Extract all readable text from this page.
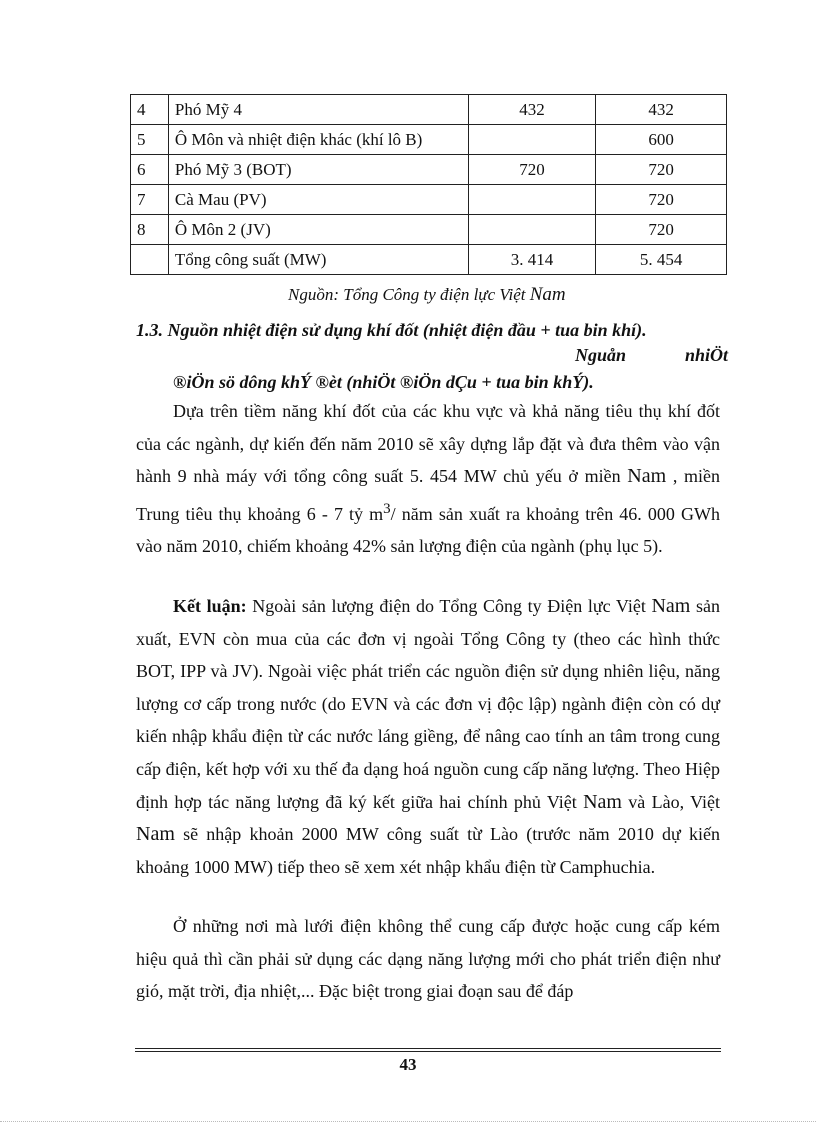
4	Phó Mỹ 4	432	432
5	Ô Môn và nhiệt điện khác (khí lô B)		600
6	Phó Mỹ 3 (BOT)	720	720
7	Cà Mau (PV)		720
8	Ô Môn 2 (JV)		720
	Tổng công suất (MW)	3. 414	5. 454
Nguồn: Tổng Công ty điện lực Việt Nam
1.3. Nguồn nhiệt điện sử dụng khí đốt (nhiệt điện đầu + tua bin khí).
Nguån	nhiÖt
®iÖn sö dông khÝ ®èt (nhiÖt ®iÖn dÇu + tua bin khÝ).

Dựa trên tiềm năng khí đốt của các khu vực và khả năng tiêu thụ khí đốt của các ngành, dự kiến đến năm 2010 sẽ xây dựng lắp đặt và đưa thêm vào vận hành 9 nhà máy với tổng công suất 5. 454 MW chủ yếu ở miền Nam , miền Trung tiêu thụ khoảng 6 - 7 tỷ $m^3/$ năm sản xuất ra khoảng trên 46. 000 GWh vào năm 2010, chiếm khoảng 42% sản lượng điện của ngành (phụ lục 5).

Kết luận: Ngoài sản lượng điện do Tổng Công ty Điện lực Việt Nam sản xuất, EVN còn mua của các đơn vị ngoài Tổng Công ty (theo các hình thức BOT, IPP và JV). Ngoài việc phát triển các nguồn điện sử dụng nhiên liệu, năng lượng cơ cấp trong nước (do EVN và các đơn vị độc lập) ngành điện còn có dự kiến nhập khẩu điện từ các nước láng giềng, để nâng cao tính an tâm trong cung cấp điện, kết hợp với xu thế đa dạng hoá nguồn cung cấp năng lượng. Theo Hiệp định hợp tác năng lượng đã ký kết giữa hai chính phủ Việt Nam và Lào, Việt Nam sẽ nhập khoản 2000 MW công suất từ Lào (trước năm 2010 dự kiến khoảng 1000 MW) tiếp theo sẽ xem xét nhập khẩu điện từ Camphuchia.

Ở những nơi mà lưới điện không thể cung cấp được hoặc cung cấp kém hiệu quả thì cần phải sử dụng các dạng năng lượng mới cho phát triển điện như gió, mặt trời, địa nhiệt,... Đặc biệt trong giai đoạn sau để đáp

43
